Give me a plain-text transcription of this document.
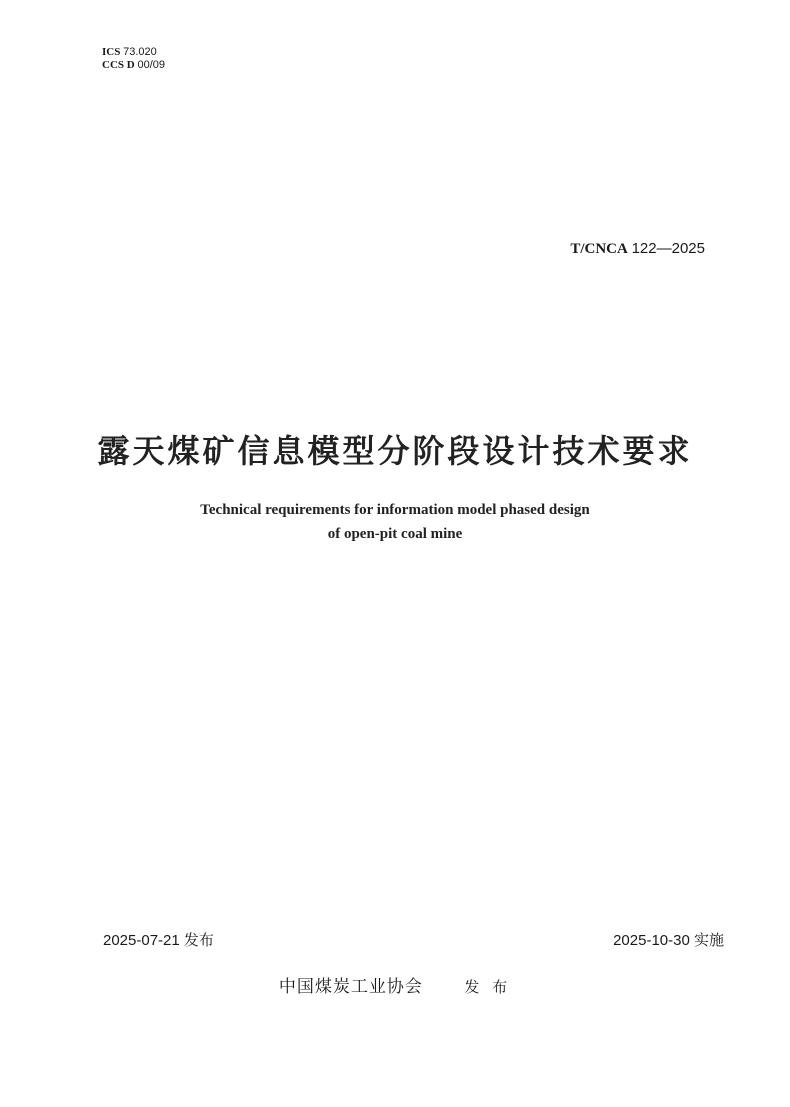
ICS 73.020
CCS D 00/09
T/CNCA 122—2025
露天煤矿信息模型分阶段设计技术要求
Technical requirements for information model phased design
of open-pit coal mine
2025-07-21 发布	2025-10-30 实施
中国煤炭工业协会	发 布
